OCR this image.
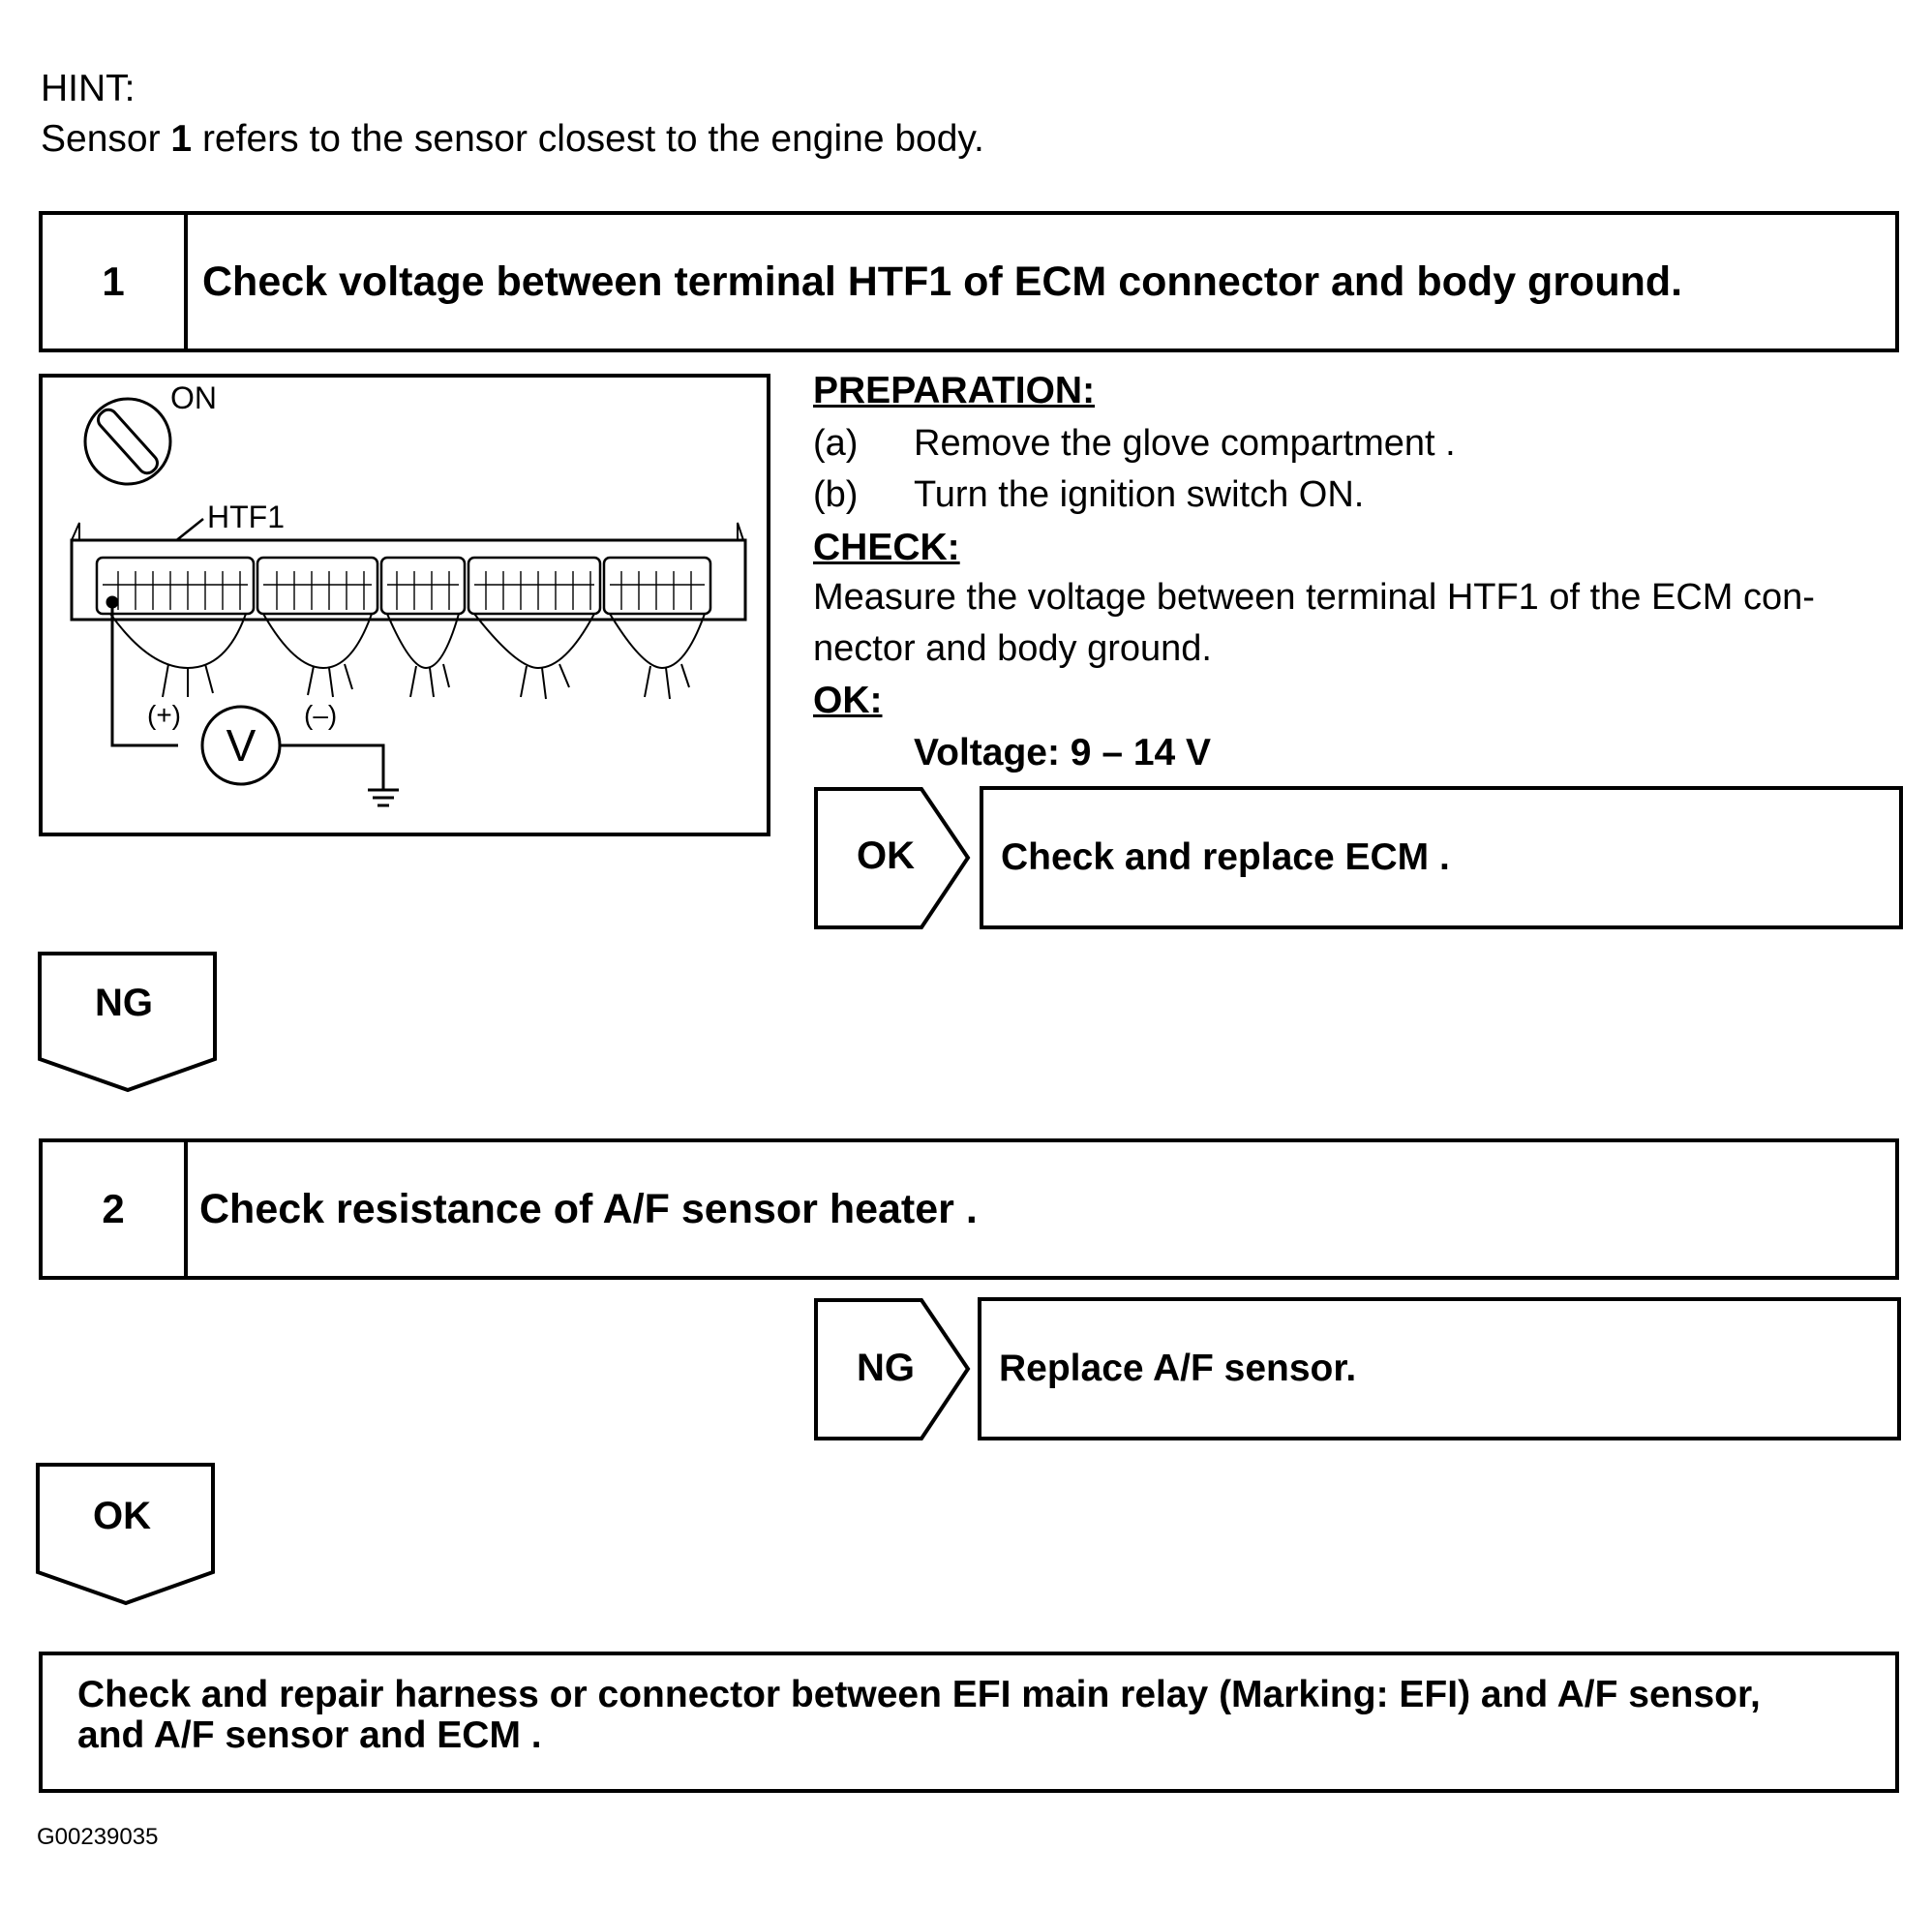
HINT:
Sensor 1 refers to the sensor closest to the engine body.
1	Check voltage between terminal HTF1 of ECM connector and body ground.
ON
HTF1
V
(+)	(–)
PREPARATION:
(a) Remove the glove compartment .
(b) Turn the ignition switch ON.
CHECK:
Measure the voltage between terminal HTF1 of the ECM con-
nector and body ground.
OK:
Voltage: 9 – 14 V
OK	Check and replace ECM .
NG
2	Check resistance of A/F sensor heater .
NG	Replace A/F sensor.
OK
Check and repair harness or connector between EFI main relay (Marking: EFI) and A/F sensor,
and A/F sensor and ECM .
G00239035
